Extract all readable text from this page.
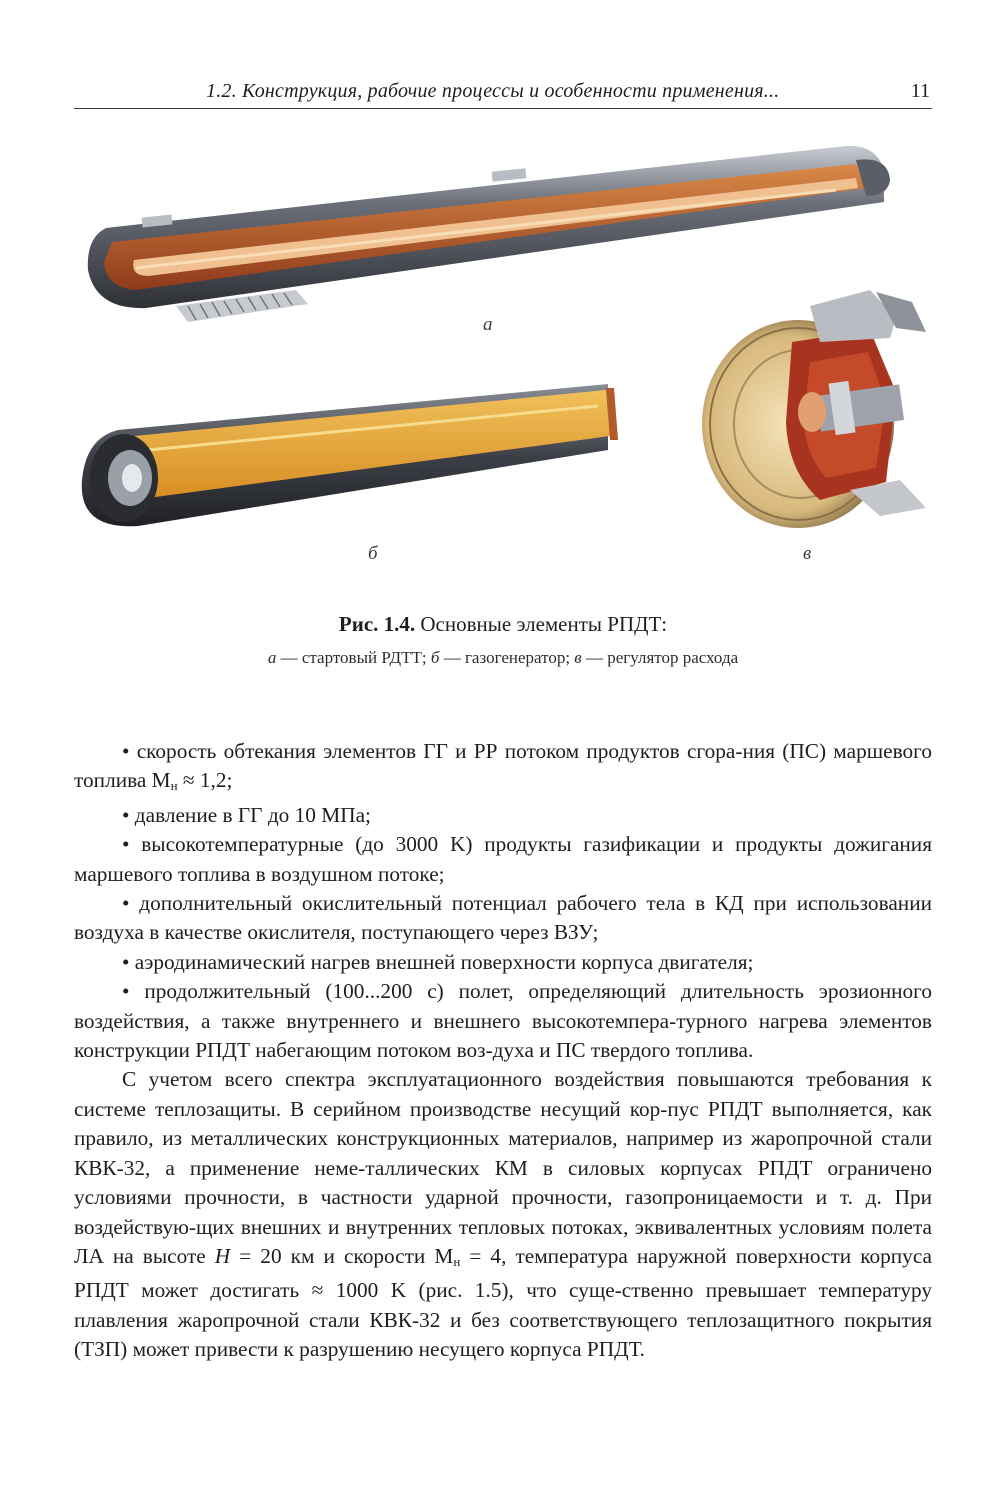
1.2. Конструкция, рабочие процессы и особенности применения...	11
а
б	в
Рис. 1.4. Основные элементы РПДТ:
а — стартовый РДТТ; б — газогенератор; в — регулятор расхода

• скорость обтекания элементов ГГ и РР потоком продуктов сгора-ния (ПС) маршевого топлива $M_н \approx 1,2$;

• давление в ГГ до 10 МПа;

• высокотемпературные (до 3000 K) продукты газификации и продукты дожигания маршевого топлива в воздушном потоке;

• дополнительный окислительный потенциал рабочего тела в КД при использовании воздуха в качестве окислителя, поступающего через ВЗУ;

• аэродинамический нагрев внешней поверхности корпуса двигателя;

• продолжительный (100...200 с) полет, определяющий длительность эрозионного воздействия, а также внутреннего и внешнего высокотемпера-турного нагрева элементов конструкции РПДТ набегающим потоком воз-духа и ПС твердого топлива.

С учетом всего спектра эксплуатационного воздействия повышаются требования к системе теплозащиты. В серийном производстве несущий кор-пус РПДТ выполняется, как правило, из металлических конструкционных материалов, например из жаропрочной стали КВК-32, а применение неме-таллических КМ в силовых корпусах РПДТ ограничено условиями прочности, в частности ударной прочности, газопроницаемости и т. д. При воздействую-щих внешних и внутренних тепловых потоках, эквивалентных условиям полета ЛА на высоте H = 20 км и скорости $M_н = 4$, температура наружной поверхности корпуса РПДТ может достигать ≈ 1000 K (рис. 1.5), что суще-ственно превышает температуру плавления жаропрочной стали КВК-32 и без соответствующего теплозащитного покрытия (ТЗП) может привести к разрушению несущего корпуса РПДТ.
